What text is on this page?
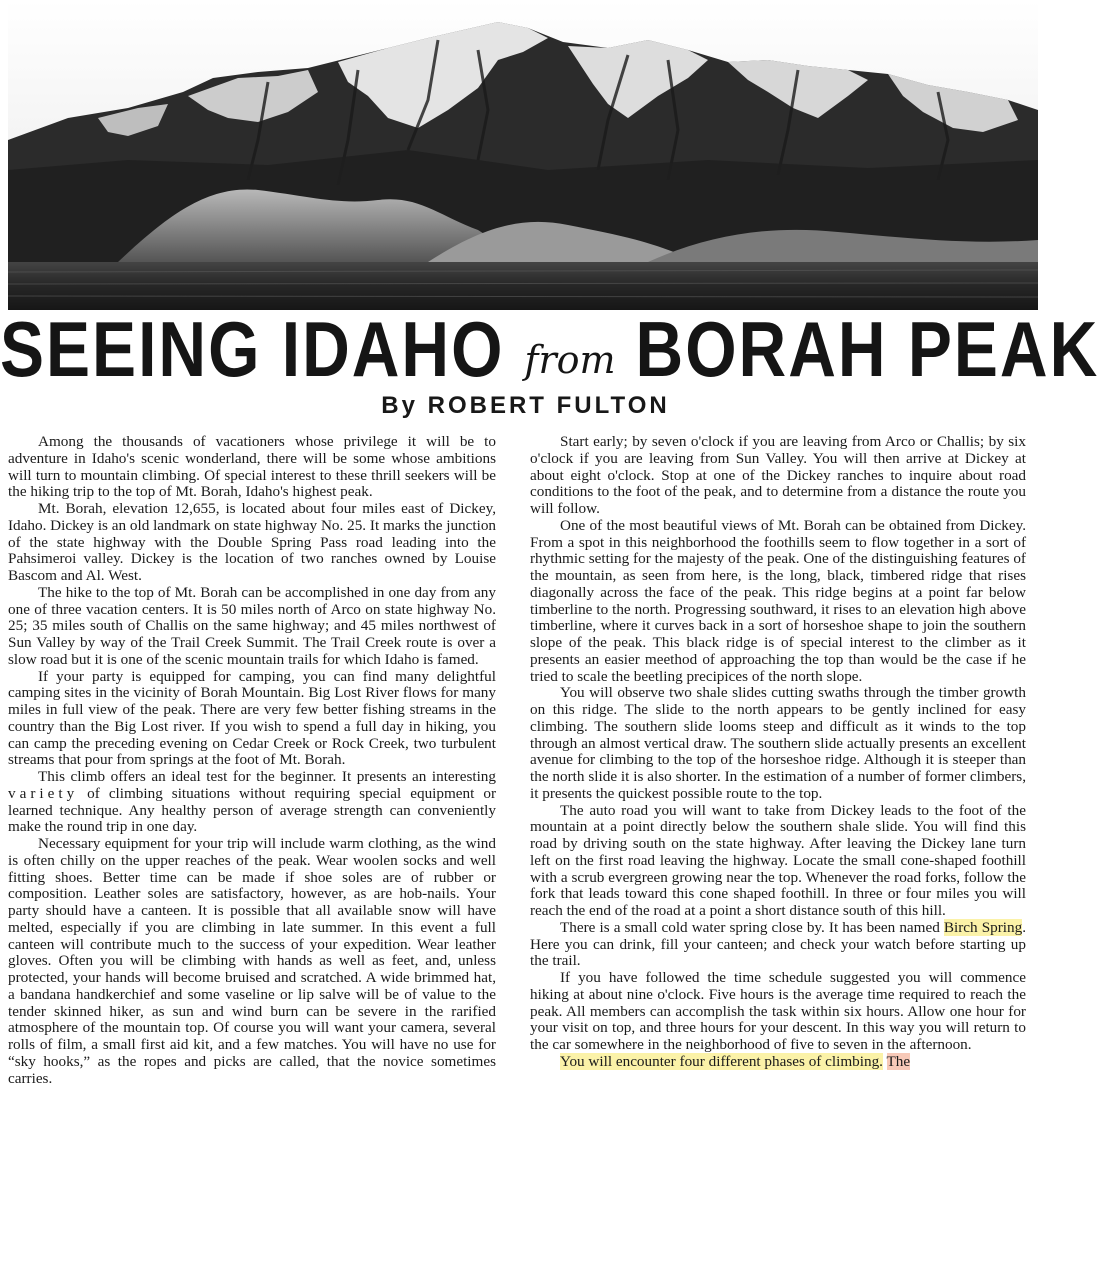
SEEING IDAHO from BORAH PEAK
By ROBERT FULTON

Among the thousands of vacationers whose privilege it will be to adventure in Idaho's scenic wonderland, there will be some whose ambitions will turn to mountain climbing. Of special interest to these thrill seekers will be the hiking trip to the top of Mt. Borah, Idaho's highest peak.

Mt. Borah, elevation 12,655, is located about four miles east of Dickey, Idaho. Dickey is an old landmark on state highway No. 25. It marks the junction of the state highway with the Double Spring Pass road leading into the Pahsimeroi valley. Dickey is the location of two ranches owned by Louise Bascom and Al. West.

The hike to the top of Mt. Borah can be accomplished in one day from any one of three vacation centers. It is 50 miles north of Arco on state highway No. 25; 35 miles south of Challis on the same highway; and 45 miles northwest of Sun Valley by way of the Trail Creek Summit. The Trail Creek route is over a slow road but it is one of the scenic mountain trails for which Idaho is famed.

If your party is equipped for camping, you can find many delightful camping sites in the vicinity of Borah Mountain. Big Lost River flows for many miles in full view of the peak. There are very few better fishing streams in the country than the Big Lost river. If you wish to spend a full day in hiking, you can camp the preceding evening on Cedar Creek or Rock Creek, two turbulent streams that pour from springs at the foot of Mt. Borah.

This climb offers an ideal test for the beginner. It presents an interesting variety of climbing situations without requiring special equipment or learned technique. Any healthy person of average strength can conveniently make the round trip in one day.

Necessary equipment for your trip will include warm clothing, as the wind is often chilly on the upper reaches of the peak. Wear woolen socks and well fitting shoes. Better time can be made if shoe soles are of rubber or composition. Leather soles are satisfactory, however, as are hob-nails. Your party should have a canteen. It is possible that all available snow will have melted, especially if you are climbing in late summer. In this event a full canteen will contribute much to the success of your expedition. Wear leather gloves. Often you will be climbing with hands as well as feet, and, unless protected, your hands will become bruised and scratched. A wide brimmed hat, a bandana handkerchief and some vaseline or lip salve will be of value to the tender skinned hiker, as sun and wind burn can be severe in the rarified atmosphere of the mountain top. Of course you will want your camera, several rolls of film, a small first aid kit, and a few matches. You will have no use for “sky hooks,” as the ropes and picks are called, that the novice sometimes carries.

Start early; by seven o'clock if you are leaving from Arco or Challis; by six o'clock if you are leaving from Sun Valley. You will then arrive at Dickey at about eight o'clock. Stop at one of the Dickey ranches to inquire about road conditions to the foot of the peak, and to determine from a distance the route you will follow.

One of the most beautiful views of Mt. Borah can be obtained from Dickey. From a spot in this neighborhood the foothills seem to flow together in a sort of rhythmic setting for the majesty of the peak. One of the distinguishing features of the mountain, as seen from here, is the long, black, timbered ridge that rises diagonally across the face of the peak. This ridge begins at a point far below timberline to the north. Progressing southward, it rises to an elevation high above timberline, where it curves back in a sort of horseshoe shape to join the southern slope of the peak. This black ridge is of special interest to the climber as it presents an easier meethod of approaching the top than would be the case if he tried to scale the beetling precipices of the north slope.

You will observe two shale slides cutting swaths through the timber growth on this ridge. The slide to the north appears to be gently inclined for easy climbing. The southern slide looms steep and difficult as it winds to the top through an almost vertical draw. The southern slide actually presents an excellent avenue for climbing to the top of the horseshoe ridge. Although it is steeper than the north slide it is also shorter. In the estimation of a number of former climbers, it presents the quickest possible route to the top.

The auto road you will want to take from Dickey leads to the foot of the mountain at a point directly below the southern shale slide. You will find this road by driving south on the state highway. After leaving the Dickey lane turn left on the first road leaving the highway. Locate the small cone-shaped foothill with a scrub evergreen growing near the top. Whenever the road forks, follow the fork that leads toward this cone shaped foothill. In three or four miles you will reach the end of the road at a point a short distance south of this hill.

There is a small cold water spring close by. It has been named Birch Spring. Here you can drink, fill your canteen; and check your watch before starting up the trail.

If you have followed the time schedule suggested you will commence hiking at about nine o'clock. Five hours is the average time required to reach the peak. All members can accomplish the task within six hours. Allow one hour for your visit on top, and three hours for your descent. In this way you will return to the car somewhere in the neighborhood of five to seven in the afternoon.

You will encounter four different phases of climbing. The
